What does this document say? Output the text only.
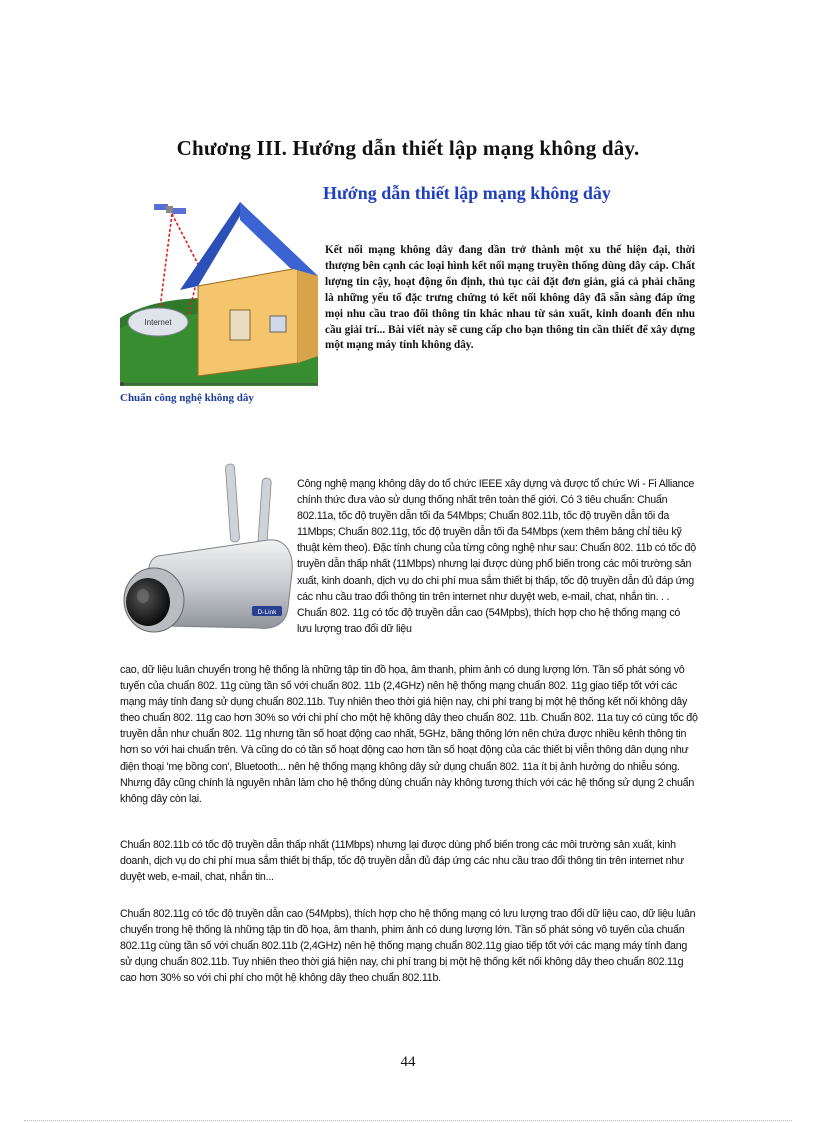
Chương III. Hướng dẫn thiết lập mạng không dây.
Internet
Hướng dẫn thiết lập mạng không dây
Kết nối mạng không dây đang dần trở thành một xu thế hiện đại, thời thượng bên cạnh các loại hình kết nối mạng truyền thống dùng dây cáp. Chất lượng tin cậy, hoạt động ổn định, thủ tục cài đặt đơn giản, giá cả phải chăng là những yếu tố đặc trưng chứng tỏ kết nối không dây đã sẵn sàng đáp ứng mọi nhu cầu trao đổi thông tin khác nhau từ sản xuất, kinh doanh đến nhu cầu giải trí... Bài viết này sẽ cung cấp cho bạn thông tin cần thiết để xây dựng một mạng máy tính không dây.
Chuẩn công nghệ không dây
D-Link
Công nghệ mạng không dây do tổ chức IEEE xây dựng và được tổ chức Wi - Fi Alliance chính thức đưa vào sử dụng thống nhất trên toàn thế giới. Có 3 tiêu chuẩn: Chuẩn 802.11a, tốc độ truyền dẫn tối đa 54Mbps; Chuẩn 802.11b, tốc độ truyền dẫn tối đa 11Mbps; Chuẩn 802.11g, tốc độ truyền dẫn tối đa 54Mbps (xem thêm bảng chỉ tiêu kỹ thuật kèm theo). Đặc tính chung của từng công nghệ như sau: Chuẩn 802. 11b có tốc độ truyền dẫn thấp nhất (11Mbps) nhưng lại được dùng phổ biến trong các môi trường sản xuất, kinh doanh, dịch vụ do chi phí mua sắm thiết bị thấp, tốc độ truyền dẫn đủ đáp ứng các nhu cầu trao đổi thông tin trên internet như duyệt web, e-mail, chat, nhắn tin. . . Chuẩn 802. 11g có tốc độ truyền dẫn cao (54Mpbs), thích hợp cho hệ thống mạng có lưu lượng trao đổi dữ liệu
cao, dữ liệu luân chuyển trong hệ thống là những tập tin đồ họa, âm thanh, phim ảnh có dung lượng lớn. Tần số phát sóng vô tuyến của chuẩn 802. 11g cùng tần số với chuẩn 802. 11b (2,4GHz) nên hệ thống mạng chuẩn 802. 11g giao tiếp tốt với các mạng máy tính đang sử dụng chuẩn 802.11b. Tuy nhiên theo thời giá hiện nay, chi phí trang bị một hệ thống kết nối không dây theo chuẩn 802. 11g cao hơn 30% so với chi phí cho một hệ không dây theo chuẩn 802. 11b. Chuẩn 802. 11a tuy có cùng tốc độ truyền dẫn như chuẩn 802. 11g nhưng tần số hoạt động cao nhất, 5GHz, băng thông lớn nên chứa được nhiều kênh thông tin hơn so với hai chuẩn trên. Và cũng do có tần số hoạt động cao hơn tần số hoạt động của các thiết bị viễn thông dân dụng như điện thoại 'mẹ bồng con', Bluetooth... nên hệ thống mạng không dây sử dụng chuẩn 802. 11a ít bị ảnh hưởng do nhiễu sóng. Nhưng đây cũng chính là nguyên nhân làm cho hệ thống dùng chuẩn này không tương thích với các hệ thống sử dụng 2 chuẩn không dây còn lại.
Chuẩn 802.11b có tốc độ truyền dẫn thấp nhất (11Mbps) nhưng lại được dùng phổ biến trong các môi trường sản xuất, kinh doanh, dịch vụ do chi phí mua sắm thiết bị thấp, tốc độ truyền dẫn đủ đáp ứng các nhu cầu trao đổi thông tin trên internet như duyệt web, e-mail, chat, nhắn tin...
Chuẩn 802.11g có tốc độ truyền dẫn cao (54Mpbs), thích hợp cho hệ thống mạng có lưu lượng trao đổi dữ liệu cao, dữ liệu luân chuyển trong hệ thống là những tập tin đồ họa, âm thanh, phim ảnh có dung lượng lớn. Tần số phát sóng vô tuyến của chuẩn 802.11g cùng tần số với chuẩn 802.11b (2,4GHz) nên hệ thống mạng chuẩn 802.11g giao tiếp tốt với các mạng máy tính đang sử dụng chuẩn 802.11b. Tuy nhiên theo thời giá hiện nay, chi phí trang bị một hệ thống kết nối không dây theo chuẩn 802.11g cao hơn 30% so với chi phí cho một hệ không dây theo chuẩn 802.11b.
44
